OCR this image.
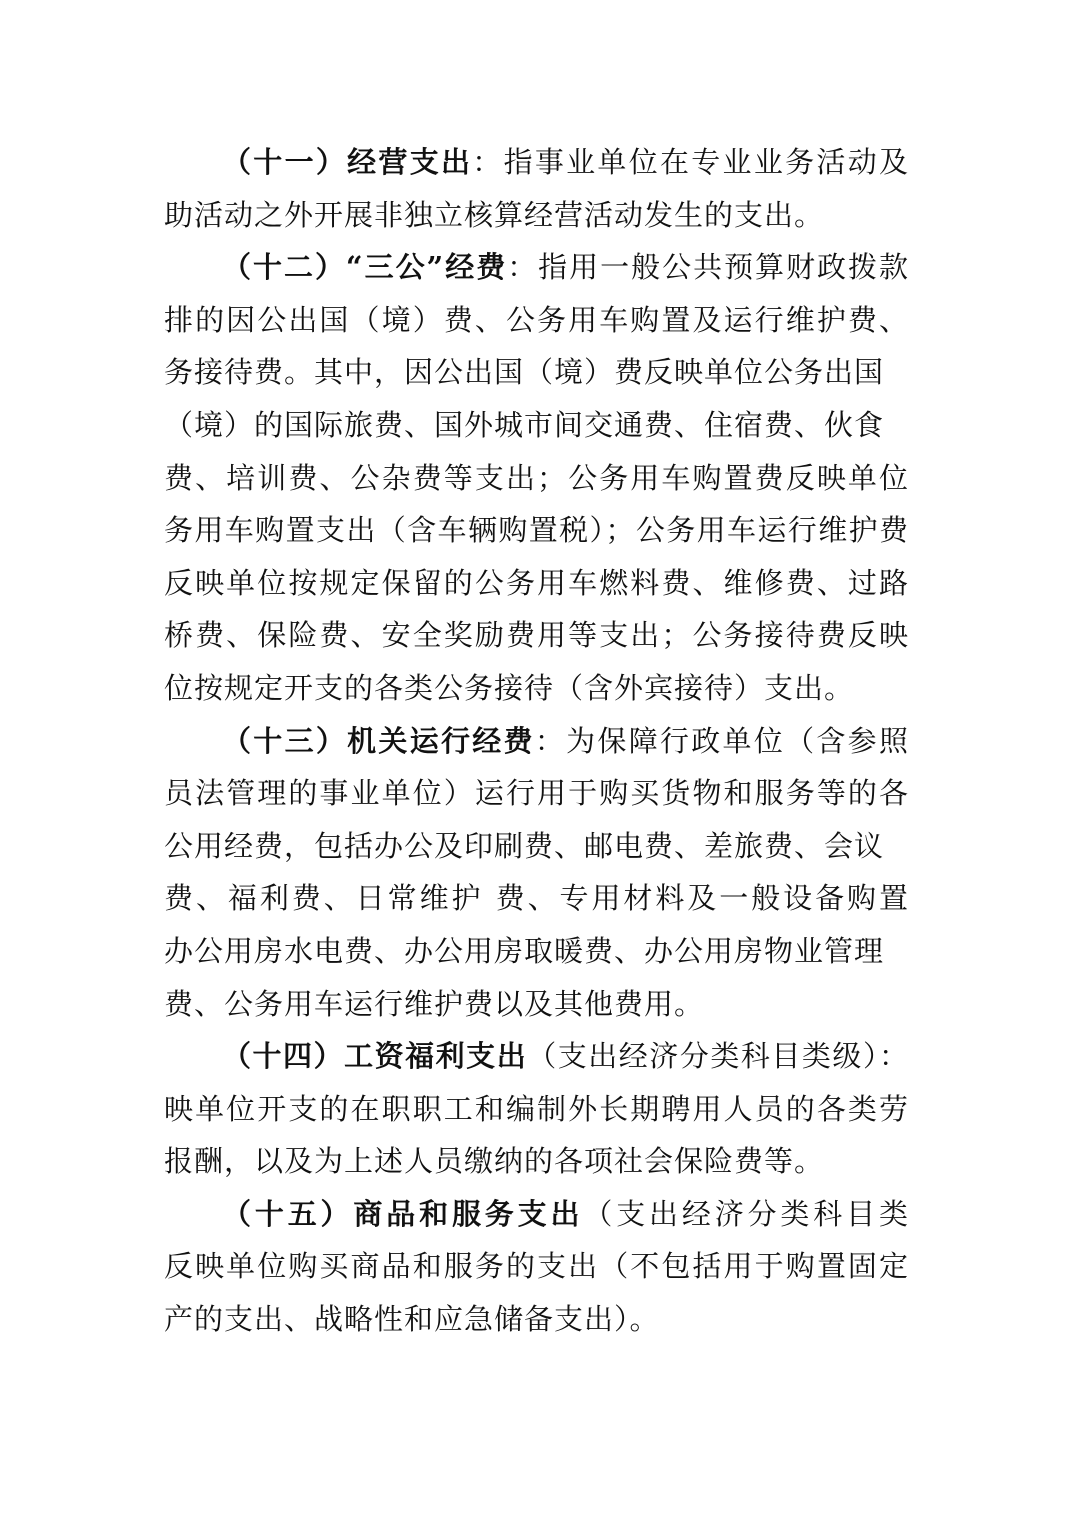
（十一）经营支出：指事业单位在专业业务活动及
助活动之外开展非独立核算经营活动发生的支出。
（十二）“三公”经费：指用一般公共预算财政拨款
排的因公出国（境）费、公务用车购置及运行维护费、
务接待费。其中，因公出国（境）费反映单位公务出国
（境）的国际旅费、国外城市间交通费、住宿费、伙食
费、培训费、公杂费等支出；公务用车购置费反映单位
务用车购置支出（含车辆购置税）；公务用车运行维护费
反映单位按规定保留的公务用车燃料费、维修费、过路
桥费、保险费、安全奖励费用等支出；公务接待费反映
位按规定开支的各类公务接待（含外宾接待）支出。
（十三）机关运行经费：为保障行政单位（含参照
员法管理的事业单位）运行用于购买货物和服务等的各
公用经费，包括办公及印刷费、邮电费、差旅费、会议
费、福利费、日常维护 费、专用材料及一般设备购置
办公用房水电费、办公用房取暖费、办公用房物业管理
费、公务用车运行维护费以及其他费用。
（十四）工资福利支出（支出经济分类科目类级）：
映单位开支的在职职工和编制外长期聘用人员的各类劳
报酬，以及为上述人员缴纳的各项社会保险费等。
（十五）商品和服务支出（支出经济分类科目类
反映单位购买商品和服务的支出（不包括用于购置固定
产的支出、战略性和应急储备支出）。
